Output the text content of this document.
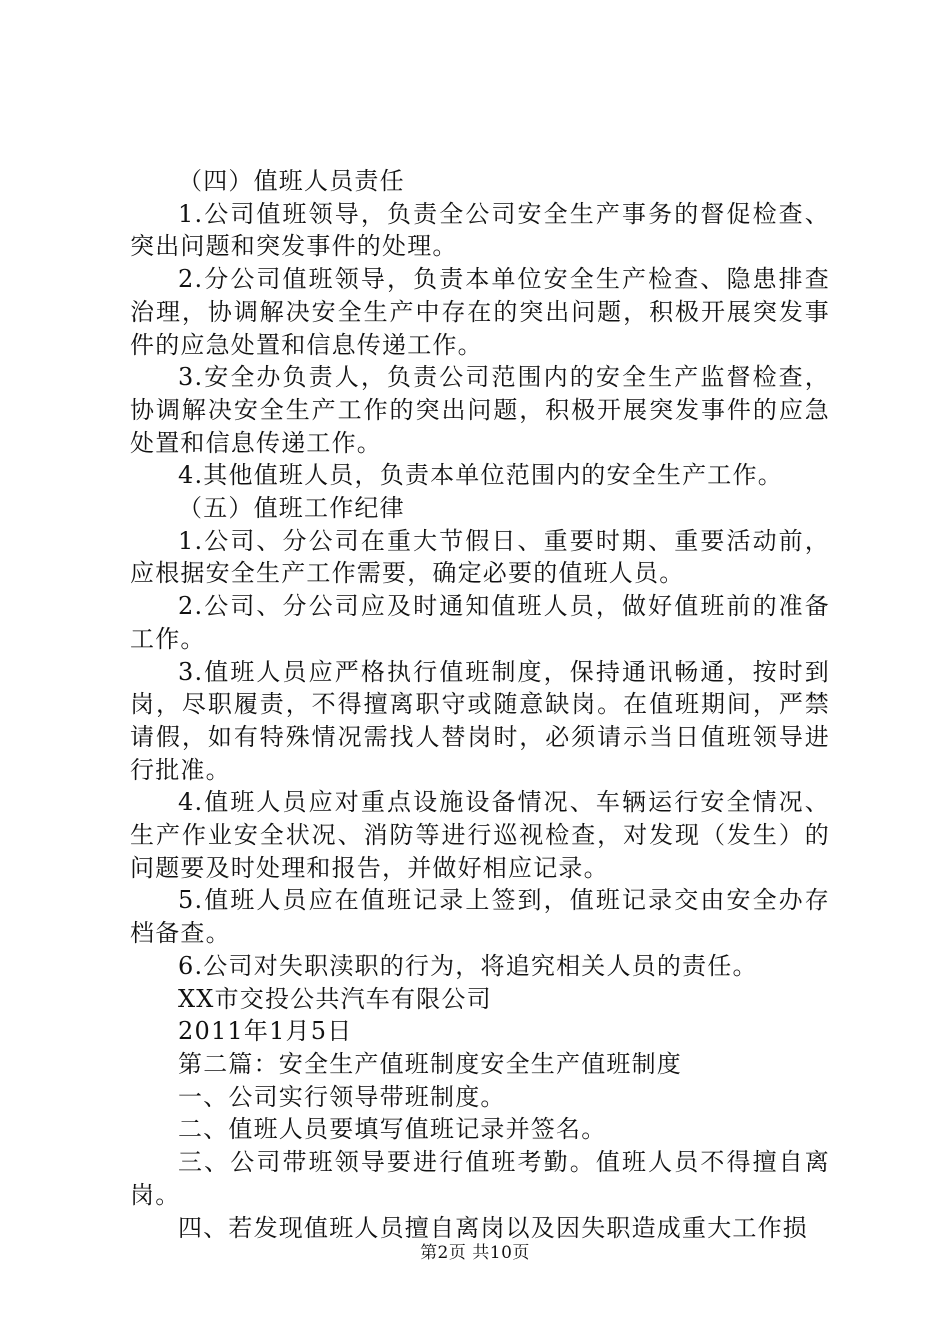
（四）值班人员责任

1.公司值班领导，负责全公司安全生产事务的督促检查、突出问题和突发事件的处理。

2.分公司值班领导，负责本单位安全生产检查、隐患排查治理，协调解决安全生产中存在的突出问题，积极开展突发事件的应急处置和信息传递工作。

3.安全办负责人，负责公司范围内的安全生产监督检查，协调解决安全生产工作的突出问题，积极开展突发事件的应急处置和信息传递工作。

4.其他值班人员，负责本单位范围内的安全生产工作。

（五）值班工作纪律

1.公司、分公司在重大节假日、重要时期、重要活动前，应根据安全生产工作需要，确定必要的值班人员。

2.公司、分公司应及时通知值班人员，做好值班前的准备工作。

3.值班人员应严格执行值班制度，保持通讯畅通，按时到岗，尽职履责，不得擅离职守或随意缺岗。在值班期间，严禁请假，如有特殊情况需找人替岗时，必须请示当日值班领导进行批准。

4.值班人员应对重点设施设备情况、车辆运行安全情况、生产作业安全状况、消防等进行巡视检查，对发现（发生）的问题要及时处理和报告，并做好相应记录。

5.值班人员应在值班记录上签到，值班记录交由安全办存档备查。

6.公司对失职渎职的行为，将追究相关人员的责任。

XX市交投公共汽车有限公司

2011年1月5日

第二篇：安全生产值班制度安全生产值班制度

一、公司实行领导带班制度。

二、值班人员要填写值班记录并签名。

三、公司带班领导要进行值班考勤。值班人员不得擅自离岗。

四、若发现值班人员擅自离岗以及因失职造成重大工作损

第2页 共10页
